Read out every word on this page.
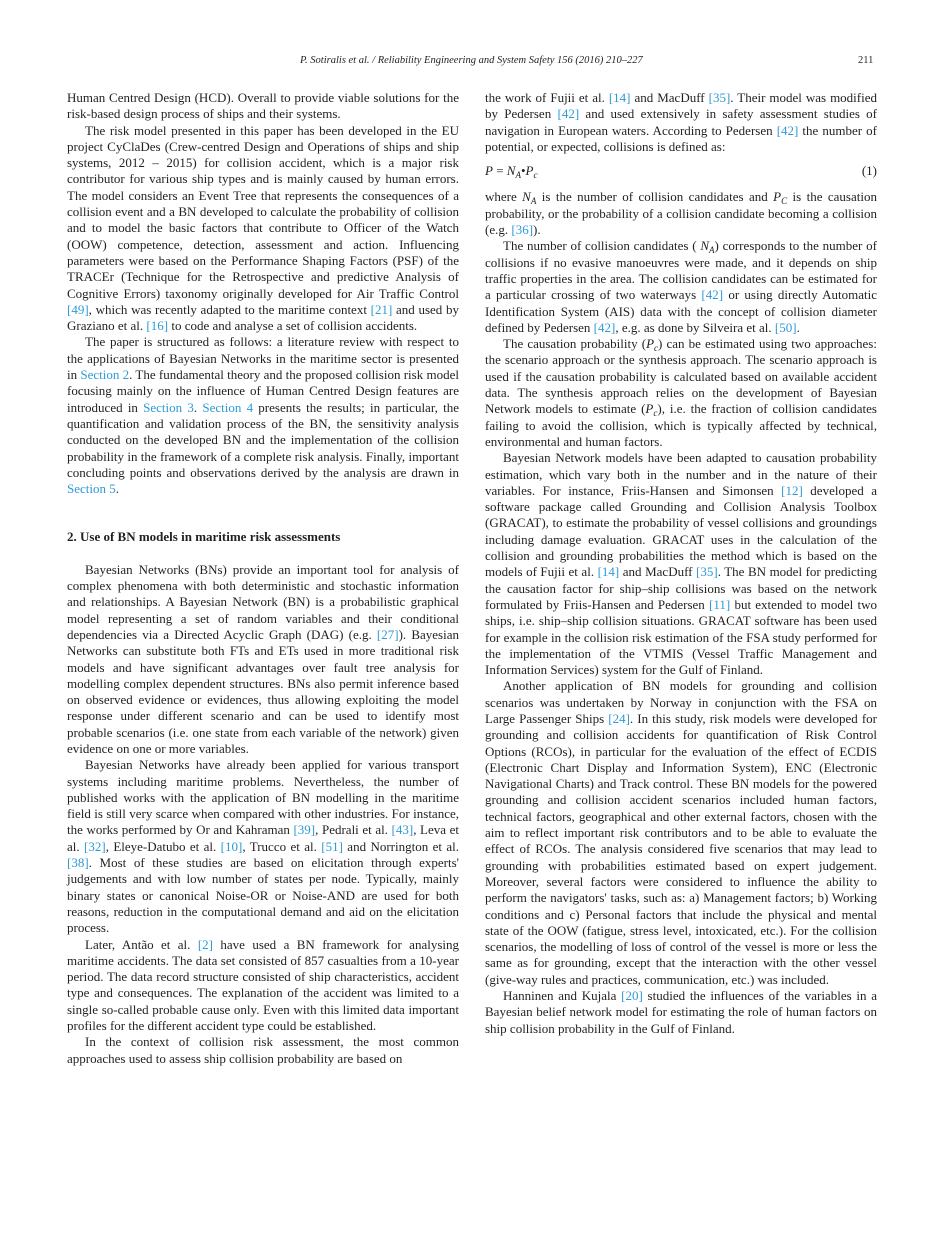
P. Sotiralis et al. / Reliability Engineering and System Safety 156 (2016) 210–227	211

Human Centred Design (HCD). Overall to provide viable solutions for the risk-based design process of ships and their systems.

The risk model presented in this paper has been developed in the EU project CyClaDes (Crew-centred Design and Operations of ships and ship systems, 2012 – 2015) for collision accident, which is a major risk contributor for various ship types and is mainly caused by human errors. The model considers an Event Tree that represents the consequences of a collision event and a BN developed to calculate the probability of collision and to model the basic factors that contribute to Officer of the Watch (OOW) competence, detection, assessment and action. Influencing parameters were based on the Performance Shaping Factors (PSF) of the TRACEr (Technique for the Retrospective and predictive Analysis of Cognitive Errors) taxonomy originally developed for Air Traffic Control [49], which was recently adapted to the maritime context [21] and used by Graziano et al. [16] to code and analyse a set of collision accidents.

The paper is structured as follows: a literature review with respect to the applications of Bayesian Networks in the maritime sector is presented in Section 2. The fundamental theory and the proposed collision risk model focusing mainly on the influence of Human Centred Design features are introduced in Section 3. Section 4 presents the results; in particular, the quantification and validation process of the BN, the sensitivity analysis conducted on the developed BN and the implementation of the collision probability in the framework of a complete risk analysis. Finally, important concluding points and observations derived by the analysis are drawn in Section 5.

2. Use of BN models in maritime risk assessments

Bayesian Networks (BNs) provide an important tool for analysis of complex phenomena with both deterministic and stochastic information and relationships. A Bayesian Network (BN) is a probabilistic graphical model representing a set of random variables and their conditional dependencies via a Directed Acyclic Graph (DAG) (e.g. [27]). Bayesian Networks can substitute both FTs and ETs used in more traditional risk models and have significant advantages over fault tree analysis for modelling complex dependent structures. BNs also permit inference based on observed evidence or evidences, thus allowing exploiting the model response under different scenario and can be used to identify most probable scenarios (i.e. one state from each variable of the network) given evidence on one or more variables.

Bayesian Networks have already been applied for various transport systems including maritime problems. Nevertheless, the number of published works with the application of BN modelling in the maritime field is still very scarce when compared with other industries. For instance, the works performed by Or and Kahraman [39], Pedrali et al. [43], Leva et al. [32], Eleye-Datubo et al. [10], Trucco et al. [51] and Norrington et al. [38]. Most of these studies are based on elicitation through experts' judgements and with low number of states per node. Typically, mainly binary states or canonical Noise-OR or Noise-AND are used for both reasons, reduction in the computational demand and aid on the elicitation process.

Later, Antão et al. [2] have used a BN framework for analysing maritime accidents. The data set consisted of 857 casualties from a 10-year period. The data record structure consisted of ship characteristics, accident type and consequences. The explanation of the accident was limited to a single so-called probable cause only. Even with this limited data important profiles for the different accident type could be established.

In the context of collision risk assessment, the most common approaches used to assess ship collision probability are based on

the work of Fujii et al. [14] and MacDuff [35]. Their model was modified by Pedersen [42] and used extensively in safety assessment studies of navigation in European waters. According to Pedersen [42] the number of potential, or expected, collisions is defined as:

$P = N_A•P_c$	(1)

where $N_A$ is the number of collision candidates and $P_C$ is the causation probability, or the probability of a collision candidate becoming a collision (e.g. [36]).

The number of collision candidates ( $N_A$) corresponds to the number of collisions if no evasive manoeuvres were made, and it depends on ship traffic properties in the area. The collision candidates can be estimated for a particular crossing of two waterways [42] or using directly Automatic Identification System (AIS) data with the concept of collision diameter defined by Pedersen [42], e.g. as done by Silveira et al. [50].

The causation probability $(P_c)$ can be estimated using two approaches: the scenario approach or the synthesis approach. The scenario approach is used if the causation probability is calculated based on available accident data. The synthesis approach relies on the development of Bayesian Network models to estimate $(P_c)$, i.e. the fraction of collision candidates failing to avoid the collision, which is typically affected by technical, environmental and human factors.

Bayesian Network models have been adapted to causation probability estimation, which vary both in the number and in the nature of their variables. For instance, Friis-Hansen and Simonsen [12] developed a software package called Grounding and Collision Analysis Toolbox (GRACAT), to estimate the probability of vessel collisions and groundings including damage evaluation. GRACAT uses in the calculation of the collision and grounding probabilities the method which is based on the models of Fujii et al. [14] and MacDuff [35]. The BN model for predicting the causation factor for ship–ship collisions was based on the network formulated by Friis-Hansen and Pedersen [11] but extended to model two ships, i.e. ship–ship collision situations. GRACAT software has been used for example in the collision risk estimation of the FSA study performed for the implementation of the VTMIS (Vessel Traffic Management and Information Services) system for the Gulf of Finland.

Another application of BN models for grounding and collision scenarios was undertaken by Norway in conjunction with the FSA on Large Passenger Ships [24]. In this study, risk models were developed for grounding and collision accidents for quantification of Risk Control Options (RCOs), in particular for the evaluation of the effect of ECDIS (Electronic Chart Display and Information System), ENC (Electronic Navigational Charts) and Track control. These BN models for the powered grounding and collision accident scenarios included human factors, technical factors, geographical and other external factors, chosen with the aim to reflect important risk contributors and to be able to evaluate the effect of RCOs. The analysis considered five scenarios that may lead to grounding with probabilities estimated based on expert judgement. Moreover, several factors were considered to influence the ability to perform the navigators' tasks, such as: a) Management factors; b) Working conditions and c) Personal factors that include the physical and mental state of the OOW (fatigue, stress level, intoxicated, etc.). For the collision scenarios, the modelling of loss of control of the vessel is more or less the same as for grounding, except that the interaction with the other vessel (give-way rules and practices, communication, etc.) was included.

Hanninen and Kujala [20] studied the influences of the variables in a Bayesian belief network model for estimating the role of human factors on ship collision probability in the Gulf of Finland.
